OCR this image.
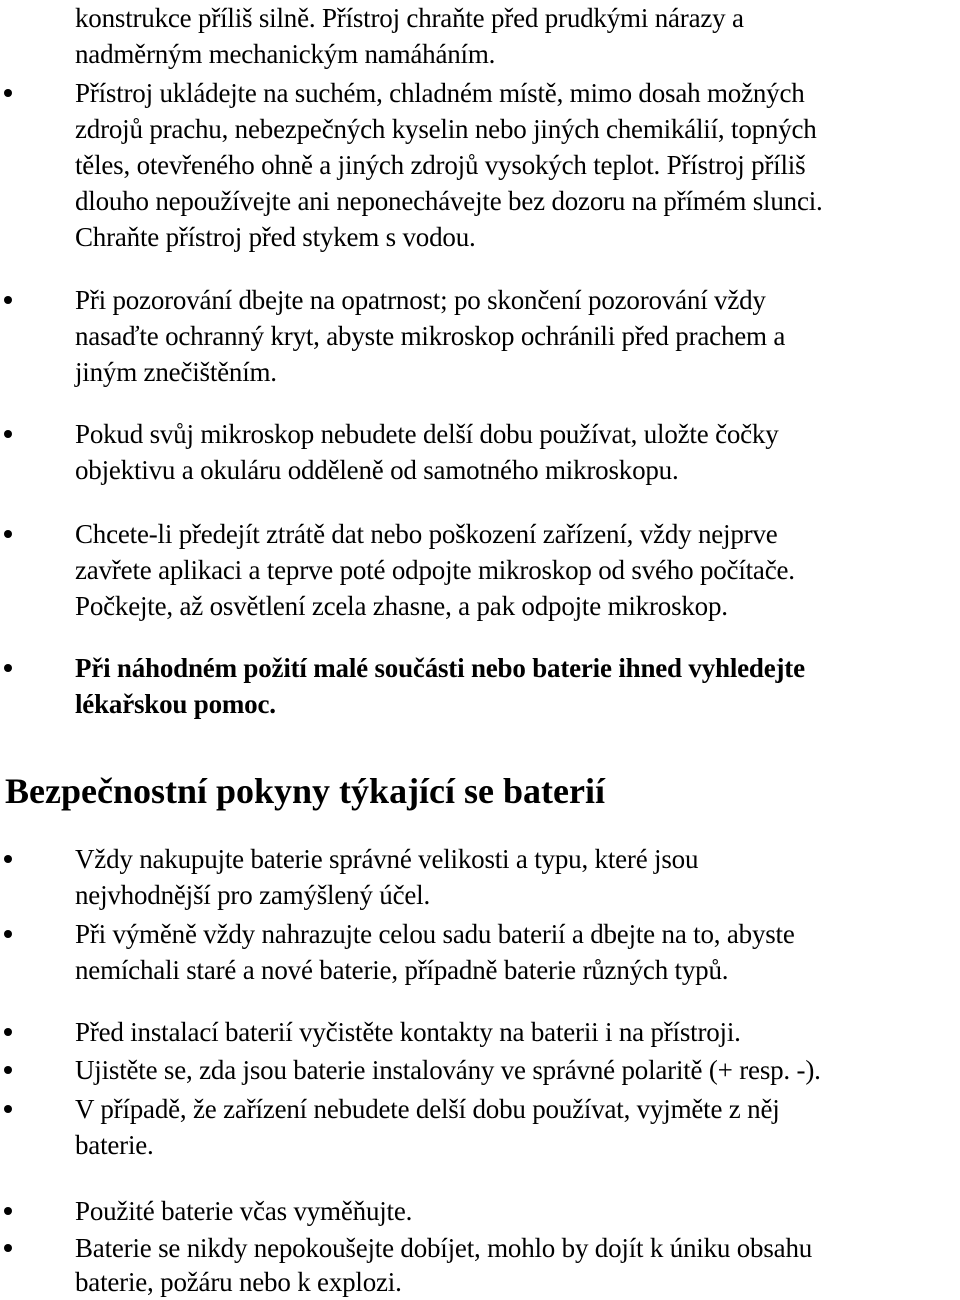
konstrukce příliš silně. Přístroj chraňte před prudkými nárazy a
nadměrným mechanickým namáháním.
Přístroj ukládejte na suchém, chladném místě, mimo dosah možných
zdrojů prachu, nebezpečných kyselin nebo jiných chemikálií, topných
těles, otevřeného ohně a jiných zdrojů vysokých teplot. Přístroj příliš
dlouho nepoužívejte ani neponechávejte bez dozoru na přímém slunci.
Chraňte přístroj před stykem s vodou.
Při pozorování dbejte na opatrnost; po skončení pozorování vždy
nasaďte ochranný kryt, abyste mikroskop ochránili před prachem a
jiným znečištěním.
Pokud svůj mikroskop nebudete delší dobu používat, uložte čočky
objektivu a okuláru odděleně od samotného mikroskopu.
Chcete-li předejít ztrátě dat nebo poškození zařízení, vždy nejprve
zavřete aplikaci a teprve poté odpojte mikroskop od svého počítače.
Počkejte, až osvětlení zcela zhasne, a pak odpojte mikroskop.
Při náhodném požití malé součásti nebo baterie ihned vyhledejte
lékařskou pomoc.
Bezpečnostní pokyny týkající se baterií
Vždy nakupujte baterie správné velikosti a typu, které jsou
nejvhodnější pro zamýšlený účel.
Při výměně vždy nahrazujte celou sadu baterií a dbejte na to, abyste
nemíchali staré a nové baterie, případně baterie různých typů.
Před instalací baterií vyčistěte kontakty na baterii i na přístroji.
Ujistěte se, zda jsou baterie instalovány ve správné polaritě (+ resp. -).
V případě, že zařízení nebudete delší dobu používat, vyjměte z něj
baterie.
Použité baterie včas vyměňujte.
Baterie se nikdy nepokoušejte dobíjet, mohlo by dojít k úniku obsahu
baterie, požáru nebo k explozi.
